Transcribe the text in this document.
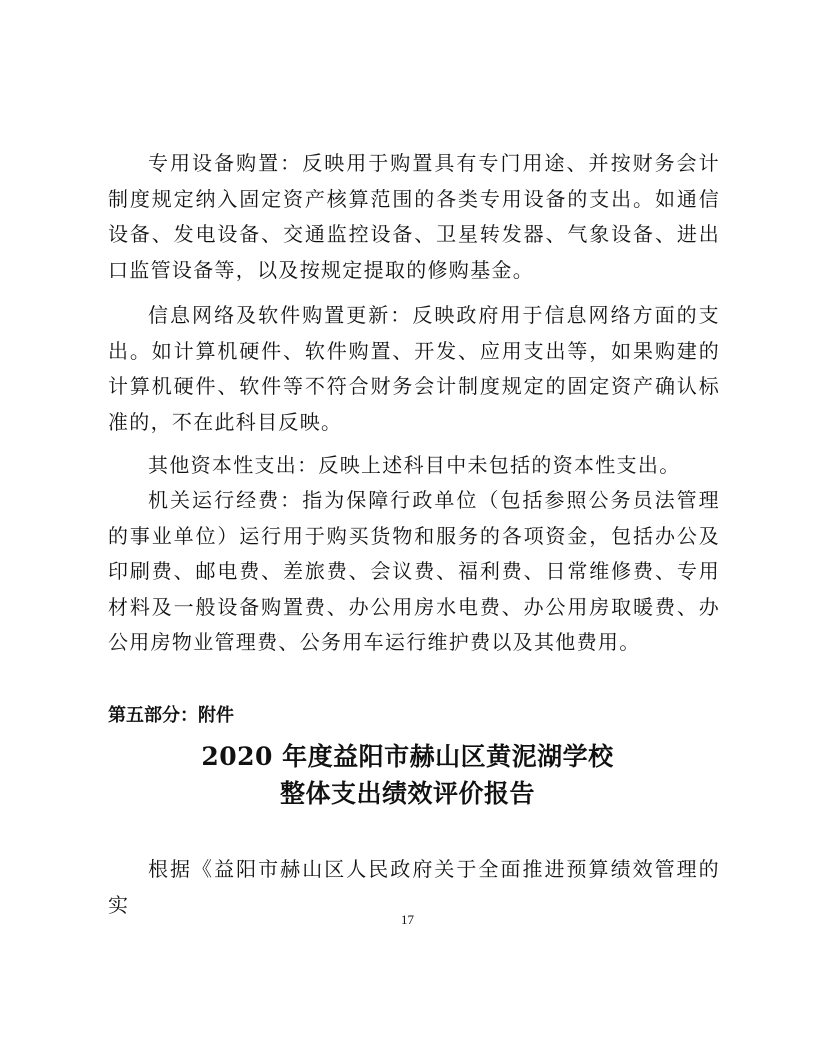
专用设备购置：反映用于购置具有专门用途、并按财务会计制度规定纳入固定资产核算范围的各类专用设备的支出。如通信设备、发电设备、交通监控设备、卫星转发器、气象设备、进出口监管设备等，以及按规定提取的修购基金。

信息网络及软件购置更新：反映政府用于信息网络方面的支出。如计算机硬件、软件购置、开发、应用支出等，如果购建的计算机硬件、软件等不符合财务会计制度规定的固定资产确认标准的，不在此科目反映。

其他资本性支出：反映上述科目中未包括的资本性支出。

机关运行经费：指为保障行政单位（包括参照公务员法管理的事业单位）运行用于购买货物和服务的各项资金，包括办公及印刷费、邮电费、差旅费、会议费、福利费、日常维修费、专用材料及一般设备购置费、办公用房水电费、办公用房取暖费、办公用房物业管理费、公务用车运行维护费以及其他费用。

第五部分：附件

2020 年度益阳市赫山区黄泥湖学校
整体支出绩效评价报告

根据《益阳市赫山区人民政府关于全面推进预算绩效管理的实

17
